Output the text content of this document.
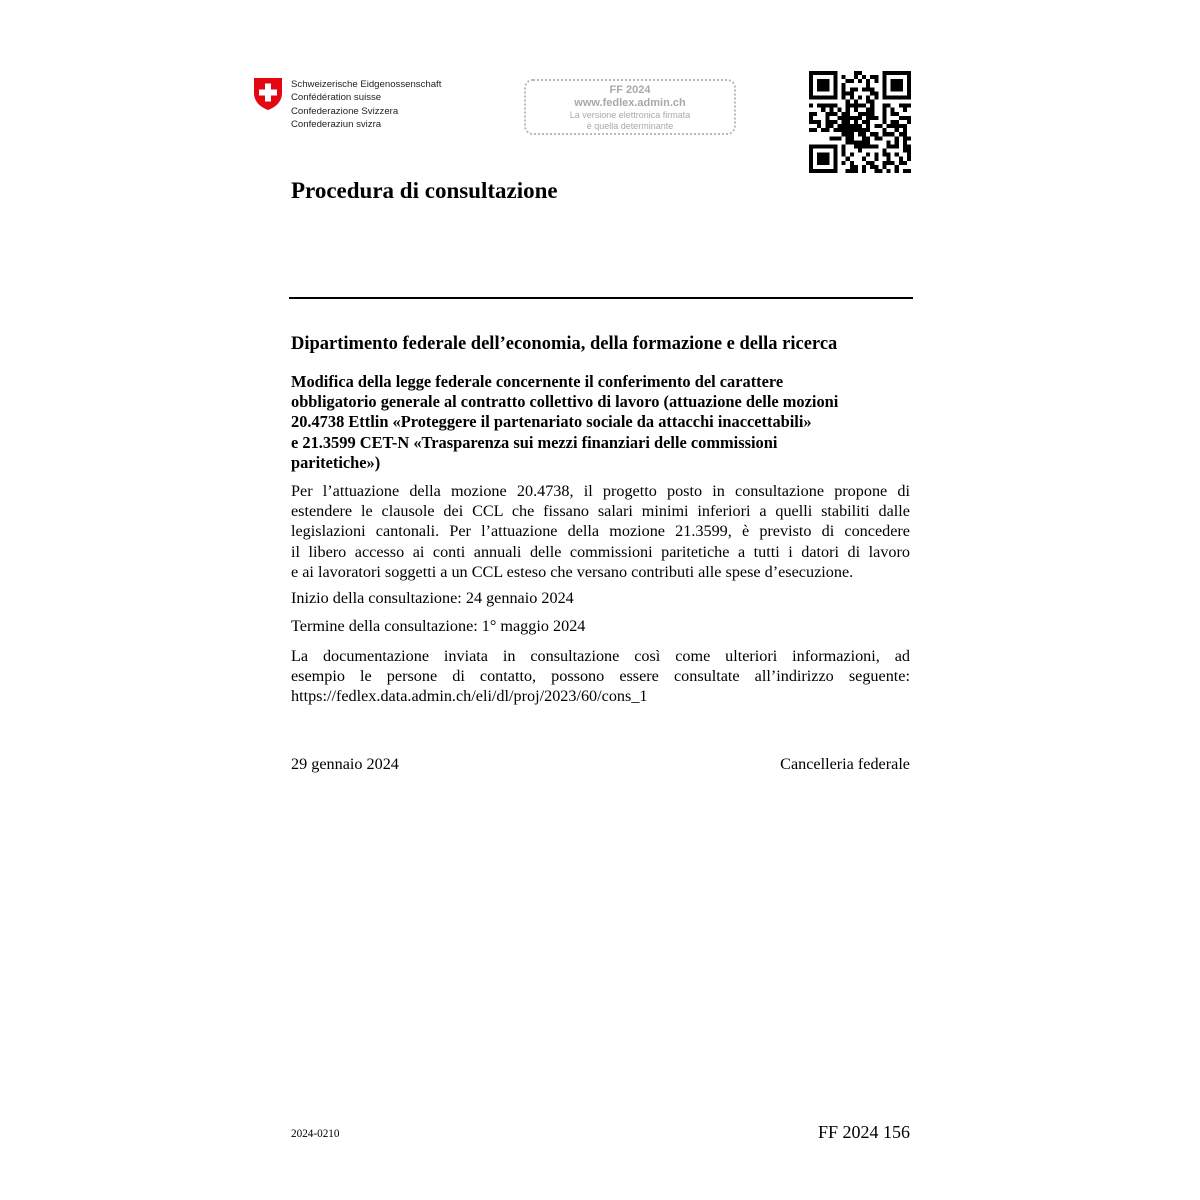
Schweizerische Eidgenossenschaft
Confédération suisse
Confederazione Svizzera
Confederaziun svizra
FF 2024
www.fedlex.admin.ch
La versione elettronica firmata
è quella determinante
Procedura di consultazione
Dipartimento federale dell’economia, della formazione e della ricerca
Modifica della legge federale concernente il conferimento del carattere
obbligatorio generale al contratto collettivo di lavoro (attuazione delle mozioni
20.4738 Ettlin «Proteggere il partenariato sociale da attacchi inaccettabili»
e 21.3599 CET-N «Trasparenza sui mezzi finanziari delle commissioni
paritetiche»)
Per l’attuazione della mozione 20.4738, il progetto posto in consultazione propone di
estendere le clausole dei CCL che fissano salari minimi inferiori a quelli stabiliti dalle
legislazioni cantonali. Per l’attuazione della mozione 21.3599, è previsto di concedere
il libero accesso ai conti annuali delle commissioni paritetiche a tutti i datori di lavoro
e ai lavoratori soggetti a un CCL esteso che versano contributi alle spese d’esecuzione.
Inizio della consultazione: 24 gennaio 2024
Termine della consultazione: 1° maggio 2024
La documentazione inviata in consultazione così come ulteriori informazioni, ad
esempio le persone di contatto, possono essere consultate all’indirizzo seguente:
https://fedlex.data.admin.ch/eli/dl/proj/2023/60/cons_1
29 gennaio 2024	Cancelleria federale
2024-0210	FF 2024 156
